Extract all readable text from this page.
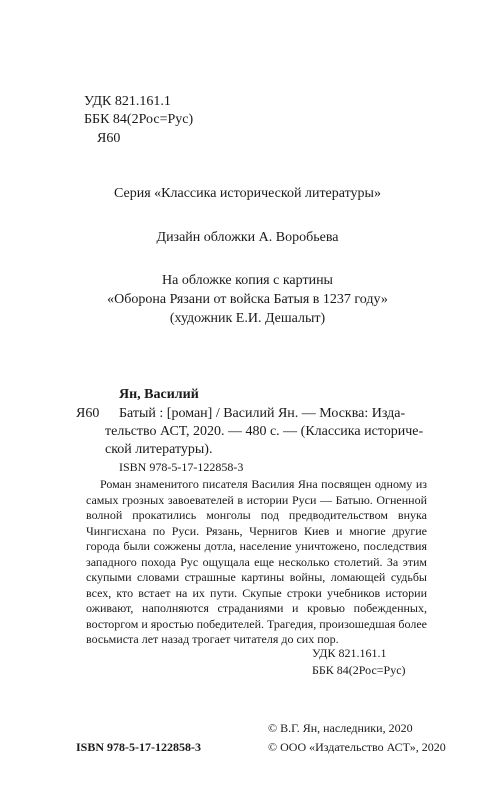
УДК 821.161.1
ББК 84(2Рос=Рус)
Я60
Серия «Классика исторической литературы»
Дизайн обложки А. Воробьева
На обложке копия с картины
«Оборона Рязани от войска Батыя в 1237 году»
(художник Е.И. Дешалыт)
Ян, Василий
Я60 Батый : [роман] / Василий Ян. — Москва: Изда-
тельство АСТ, 2020. — 480 с. — (Классика историче-
ской литературы).
ISBN 978-5-17-122858-3

Роман знаменитого писателя Василия Яна посвящен одному из самых грозных завоевателей в истории Руси — Батыю. Огненной волной прокатились монголы под предводительством внука Чингисхана по Руси. Рязань, Чернигов Киев и многие другие города были сожжены дотла, население уничтожено, последствия западного похода Рус ощущала еще несколько столетий. За этим скупыми словами страшные картины войны, ломающей судьбы всех, кто встает на их пути. Скупые строки учебников истории оживают, наполняются страданиями и кровью побежденных, восторгом и яростью победителей. Трагедия, произошедшая более восьмиста лет назад трогает читателя до сих пор.

УДК 821.161.1
ББК 84(2Рос=Рус)
ISBN 978-5-17-122858-3
© В.Г. Ян, наследники, 2020
© ООО «Издательство АСТ», 2020
